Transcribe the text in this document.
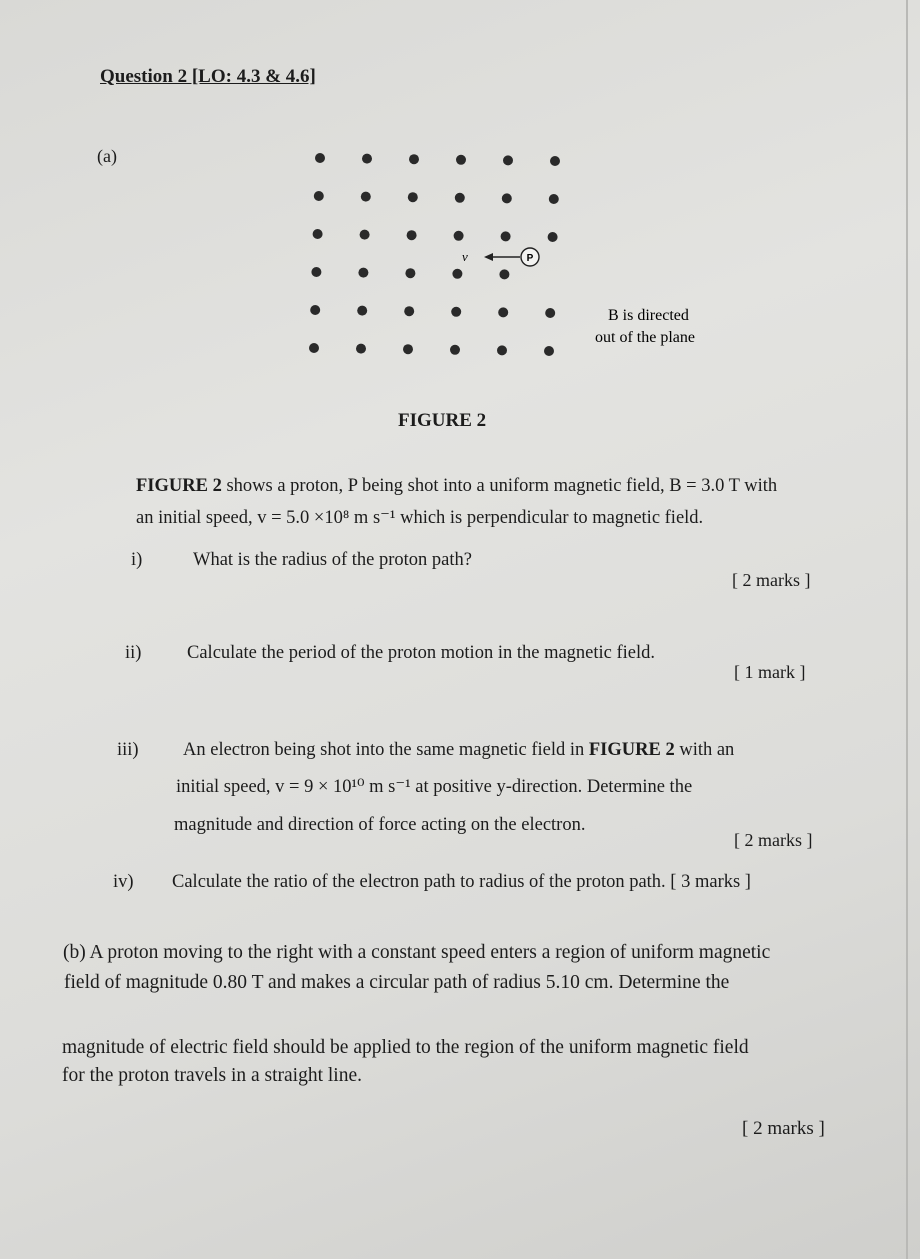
Question 2 [LO: 4.3 & 4.6]
(a)
v	P
B is directed
out of the plane
FIGURE 2
FIGURE 2 shows a proton, P being shot into a uniform magnetic field, B = 3.0 T with
an initial speed, v = 5.0 ×10⁸ m s⁻¹ which is perpendicular to magnetic field.
i)	What is the radius of the proton path?
[ 2 marks ]
ii) Calculate the period of the proton motion in the magnetic field.
[ 1 mark ]
iii) An electron being shot into the same magnetic field in FIGURE 2 with an
initial speed, v = 9 × 10¹⁰ m s⁻¹ at positive y-direction. Determine the
magnitude and direction of force acting on the electron.
[ 2 marks ]
iv) Calculate the ratio of the electron path to radius of the proton path. [ 3 marks ]
(b) A proton moving to the right with a constant speed enters a region of uniform magnetic
field of magnitude 0.80 T and makes a circular path of radius 5.10 cm. Determine the
magnitude of electric field should be applied to the region of the uniform magnetic field
for the proton travels in a straight line.
[ 2 marks ]
